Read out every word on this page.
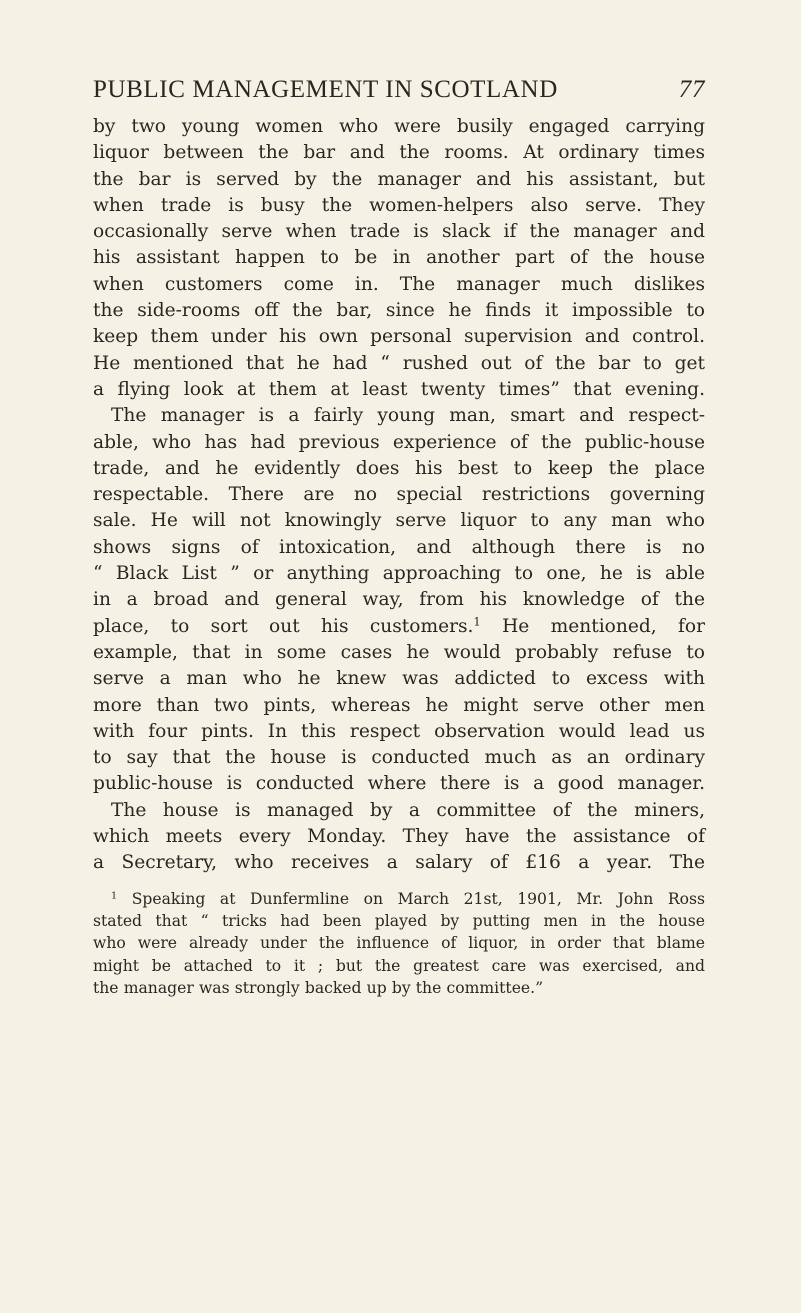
PUBLIC MANAGEMENT IN SCOTLAND	77
by two young women who were busily engaged carrying
liquor between the bar and the rooms. At ordinary times
the bar is served by the manager and his assistant, but
when trade is busy the women-helpers also serve. They
occasionally serve when trade is slack if the manager and
his assistant happen to be in another part of the house
when customers come in. The manager much dislikes
the side-rooms off the bar, since he finds it impossible to
keep them under his own personal supervision and control.
He mentioned that he had “ rushed out of the bar to get
a flying look at them at least twenty times” that evening.
The manager is a fairly young man, smart and respect-
able, who has had previous experience of the public-house
trade, and he evidently does his best to keep the place
respectable. There are no special restrictions governing
sale. He will not knowingly serve liquor to any man who
shows signs of intoxication, and although there is no
“ Black List ” or anything approaching to one, he is able
in a broad and general way, from his knowledge of the
place, to sort out his customers.$^1$ He mentioned, for
example, that in some cases he would probably refuse to
serve a man who he knew was addicted to excess with
more than two pints, whereas he might serve other men
with four pints. In this respect observation would lead us
to say that the house is conducted much as an ordinary
public-house is conducted where there is a good manager.
The house is managed by a committee of the miners,
which meets every Monday. They have the assistance of
a Secretary, who receives a salary of £16 a year. The
$^1$ Speaking at Dunfermline on March 21st, 1901, Mr. John Ross
stated that “ tricks had been played by putting men in the house
who were already under the influence of liquor, in order that blame
might be attached to it ; but the greatest care was exercised, and
the manager was strongly backed up by the committee.”
